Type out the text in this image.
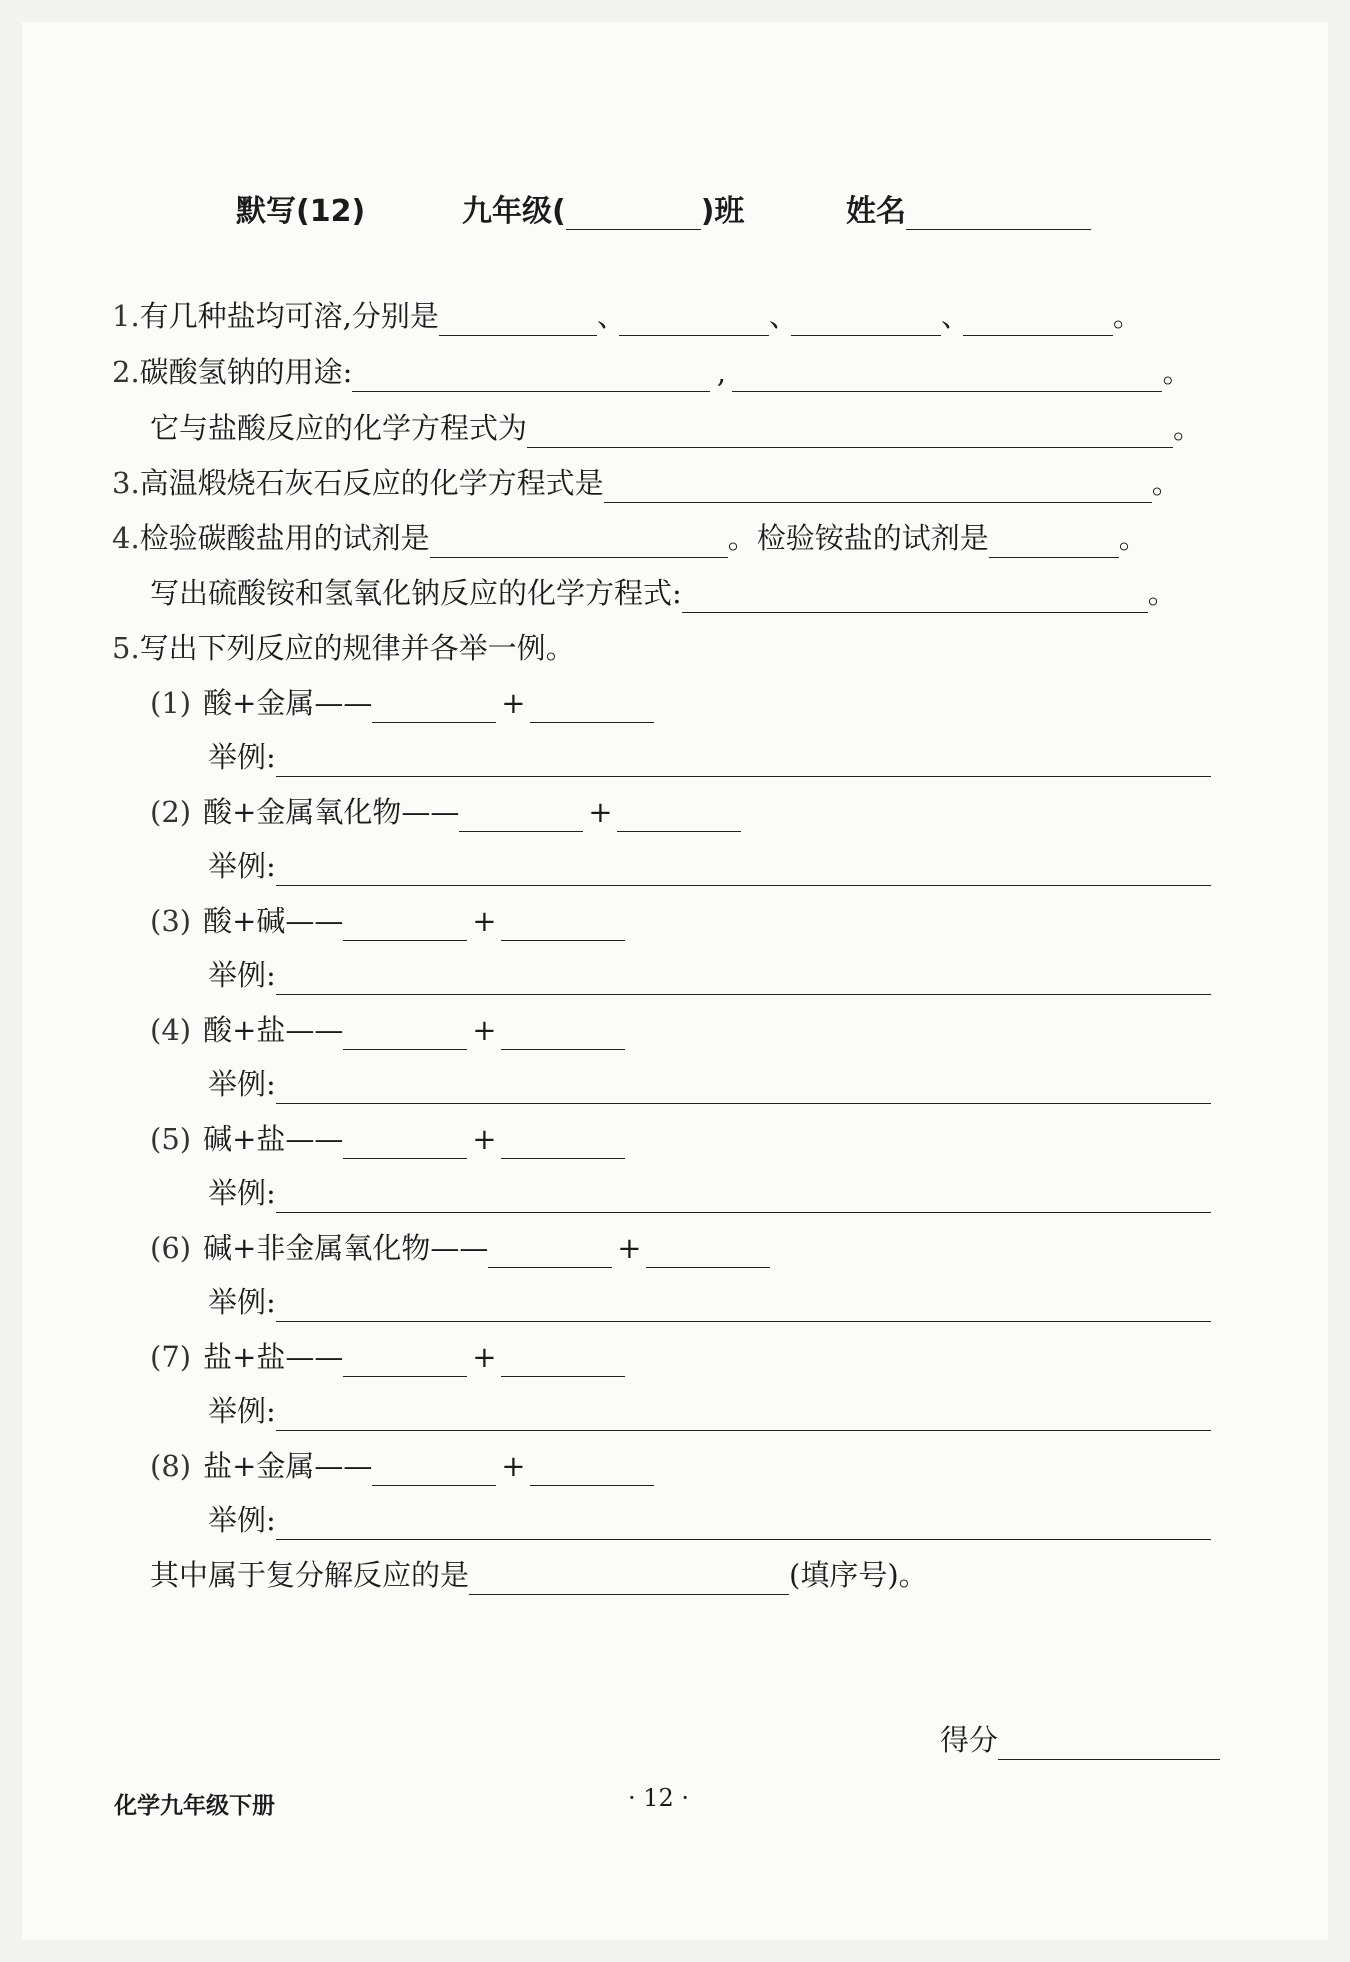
默写(12)	九年级(	)班	姓名
1. 有几种盐均可溶,分别是	、	、	、	。
2. 碳酸氢钠的用途:	,	。
它与盐酸反应的化学方程式为	。
3. 高温煅烧石灰石反应的化学方程式是	。
4. 检验碳酸盐用的试剂是	。检验铵盐的试剂是	。
写出硫酸铵和氢氧化钠反应的化学方程式:	。
5. 写出下列反应的规律并各举一例。
(1) 酸+金属——	+
举例:
(2) 酸+金属氧化物——	+
举例:
(3) 酸+碱——	+
举例:
(4) 酸+盐——	+
举例:
(5) 碱+盐——	+
举例:
(6) 碱+非金属氧化物——	+
举例:
(7) 盐+盐——	+
举例:
(8) 盐+金属——	+
举例:
其中属于复分解反应的是	(填序号)。
得分
化学九年级下册	· 12 ·
